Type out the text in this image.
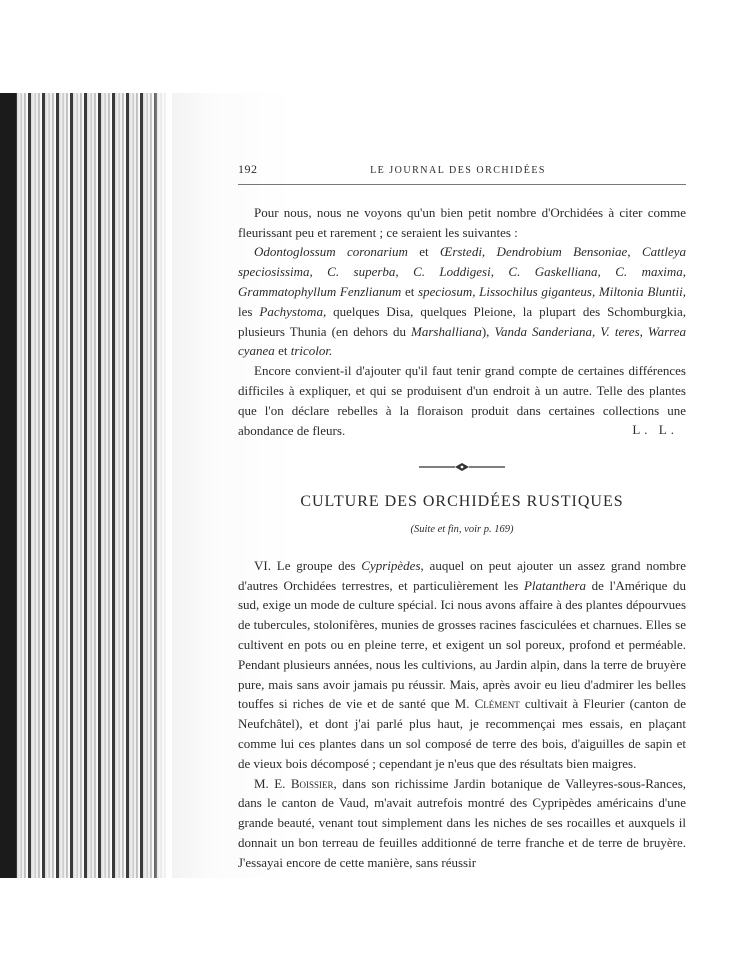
192	LE JOURNAL DES ORCHIDÉES

Pour nous, nous ne voyons qu'un bien petit nombre d'Orchidées à citer comme fleurissant peu et rarement ; ce seraient les suivantes :

Odontoglossum coronarium et Œrstedi, Dendrobium Bensoniae, Cattleya speciosissima, C. superba, C. Loddigesi, C. Gaskelliana, C. maxima, Grammatophyllum Fenzlianum et speciosum, Lissochilus giganteus, Miltonia Bluntii, les Pachystoma, quelques Disa, quelques Pleione, la plupart des Schomburgkia, plusieurs Thunia (en dehors du Marshalliana), Vanda Sanderiana, V. teres, Warrea cyanea et tricolor.

Encore convient-il d'ajouter qu'il faut tenir grand compte de certaines différences difficiles à expliquer, et qui se produisent d'un endroit à un autre. Telle des plantes que l'on déclare rebelles à la floraison produit dans certaines collections une abondance de fleurs.	L. L.
CULTURE DES ORCHIDÉES RUSTIQUES
(Suite et fin, voir p. 169)

VI. Le groupe des Cypripèdes, auquel on peut ajouter un assez grand nombre d'autres Orchidées terrestres, et particulièrement les Platanthera de l'Amérique du sud, exige un mode de culture spécial. Ici nous avons affaire à des plantes dépourvues de tubercules, stolonifères, munies de grosses racines fasciculées et charnues. Elles se cultivent en pots ou en pleine terre, et exigent un sol poreux, profond et perméable. Pendant plusieurs années, nous les cultivions, au Jardin alpin, dans la terre de bruyère pure, mais sans avoir jamais pu réussir. Mais, après avoir eu lieu d'admirer les belles touffes si riches de vie et de santé que M. Clément cultivait à Fleurier (canton de Neufchâtel), et dont j'ai parlé plus haut, je recommençai mes essais, en plaçant comme lui ces plantes dans un sol composé de terre des bois, d'aiguilles de sapin et de vieux bois décomposé ; cependant je n'eus que des résultats bien maigres.

M. E. Boissier, dans son richissime Jardin botanique de Valleyres-sous-Rances, dans le canton de Vaud, m'avait autrefois montré des Cypripèdes américains d'une grande beauté, venant tout simplement dans les niches de ses rocailles et auxquels il donnait un bon terreau de feuilles additionné de terre franche et de terre de bruyère. J'essayai encore de cette manière, sans réussir
